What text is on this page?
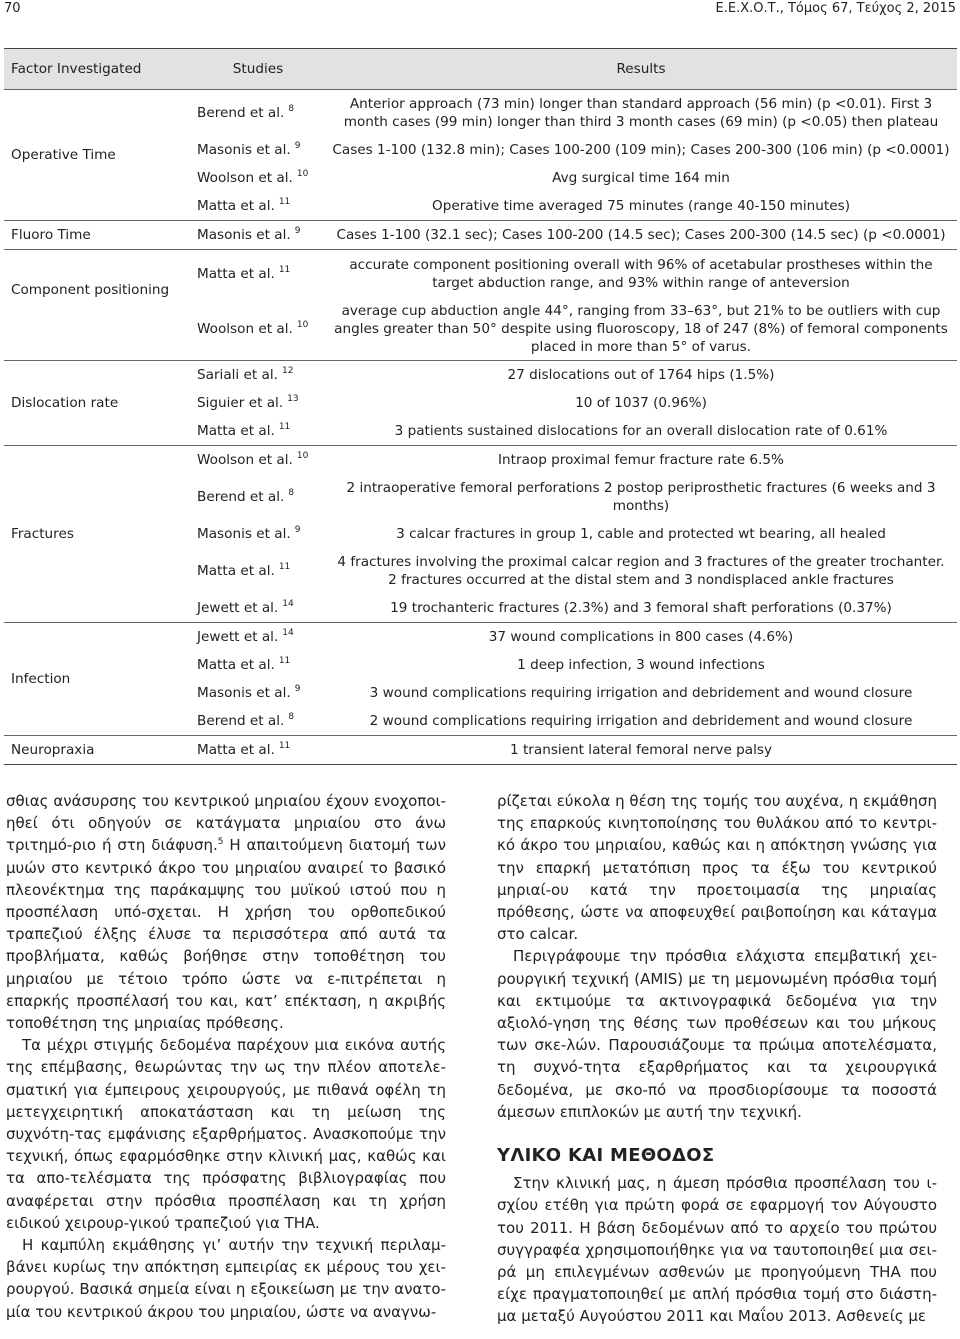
70	Ε.Ε.Χ.Ο.Τ., Τόμος 67, Τεύχος 2, 2015
Factor Investigated	Studies	Results
Operative Time	Berend et al. $^8$	Anterior approach (73 min) longer than standard approach (56 min) (p <0.01). First 3 month cases (99 min) longer than third 3 month cases (69 min) (p <0.05) then plateau
	Masonis et al. $^9$	Cases 1-100 (132.8 min); Cases 100-200 (109 min); Cases 200-300 (106 min) (p <0.0001)
	Woolson et al. $^{10}$	Avg surgical time 164 min
	Matta et al. $^{11}$	Operative time averaged 75 minutes (range 40-150 minutes)
Fluoro Time	Masonis et al. $^9$	Cases 1-100 (32.1 sec); Cases 100-200 (14.5 sec); Cases 200-300 (14.5 sec) (p <0.0001)
Component positioning	Matta et al. $^{11}$	accurate component positioning overall with 96% of acetabular prostheses within the target abduction range, and 93% within range of anteversion
	Woolson et al. $^{10}$	average cup abduction angle 44°, ranging from 33–63°, but 21% to be outliers with cup angles greater than 50° despite using fluoroscopy, 18 of 247 (8%) of femoral components placed in more than 5° of varus.
Dislocation rate	Sariali et al. $^{12}$	27 dislocations out of 1764 hips (1.5%)
	Siguier et al. $^{13}$	10 of 1037 (0.96%)
	Matta et al. $^{11}$	3 patients sustained dislocations for an overall dislocation rate of 0.61%
Fractures	Woolson et al. $^{10}$	Intraop proximal femur fracture rate 6.5%
	Berend et al. $^8$	2 intraoperative femoral perforations 2 postop periprosthetic fractures (6 weeks and 3 months)
	Masonis et al. $^9$	3 calcar fractures in group 1, cable and protected wt bearing, all healed
	Matta et al. $^{11}$	4 fractures involving the proximal calcar region and 3 fractures of the greater trochanter. 2 fractures occurred at the distal stem and 3 nondisplaced ankle fractures
	Jewett et al. $^{14}$	19 trochanteric fractures (2.3%) and 3 femoral shaft perforations (0.37%)
Infection	Jewett et al. $^{14}$	37 wound complications in 800 cases (4.6%)
	Matta et al. $^{11}$	1 deep infection, 3 wound infections
	Masonis et al. $^9$	3 wound complications requiring irrigation and debridement and wound closure
	Berend et al. $^8$	2 wound complications requiring irrigation and debridement and wound closure
Neuropraxia	Matta et al. $^{11}$	1 transient lateral femoral nerve palsy

σθιας ανάσυρσης του κεντρικού μηριαίου έχουν ενοχοποι-ηθεί ότι οδηγούν σε κατάγματα μηριαίου στο άνω τριτημό-ριο ή στη διάφυση.$^5$ Η απαιτούμενη διατομή των μυών στο κεντρικό άκρο του μηριαίου αναιρεί το βασικό πλεονέκτημα της παράκαμψης του μυϊκού ιστού που η προσπέλαση υπό-σχεται. Η χρήση του ορθοπεδικού τραπεζιού έλξης έλυσε τα περισσότερα από αυτά τα προβλήματα, καθώς βοήθησε στην τοποθέτηση του μηριαίου με τέτοιο τρόπο ώστε να ε-πιτρέπεται η επαρκής προσπέλασή του και, κατ’ επέκταση, η ακριβής τοποθέτηση της μηριαίας πρόθεσης.

Τα μέχρι στιγμής δεδομένα παρέχουν μια εικόνα αυτής της επέμβασης, θεωρώντας την ως την πλέον αποτελε-σματική για έμπειρους χειρουργούς, με πιθανά οφέλη τη μετεγχειρητική αποκατάσταση και τη μείωση της συχνότη-τας εμφάνισης εξαρθρήματος. Ανασκοπούμε την τεχνική, όπως εφαρμόσθηκε στην κλινική μας, καθώς και τα απο-τελέσματα της πρόσφατης βιβλιογραφίας που αναφέρεται στην πρόσθια προσπέλαση και τη χρήση ειδικού χειρουρ-γικού τραπεζιού για THA.

Η καμπύλη εκμάθησης γι’ αυτήν την τεχνική περιλαμ-βάνει κυρίως την απόκτηση εμπειρίας εκ μέρους του χει-ρουργού. Βασικά σημεία είναι η εξοικείωση με την ανατο-μία του κεντρικού άκρου του μηριαίου, ώστε να αναγνω-

ρίζεται εύκολα η θέση της τομής του αυχένα, η εκμάθηση της επαρκούς κινητοποίησης του θυλάκου από το κεντρι-κό άκρο του μηριαίου, καθώς και η απόκτηση γνώσης για την επαρκή μετατόπιση προς τα έξω του κεντρικού μηριαί-ου κατά την προετοιμασία της μηριαίας πρόθεσης, ώστε να αποφευχθεί ραιβοποίηση και κάταγμα στο calcar.

Περιγράφουμε την πρόσθια ελάχιστα επεμβατική χει-ρουργική τεχνική (AMIS) με τη μεμονωμένη πρόσθια τομή και εκτιμούμε τα ακτινογραφικά δεδομένα για την αξιολό-γηση της θέσης των προθέσεων και του μήκους των σκε-λών. Παρουσιάζουμε τα πρώιμα αποτελέσματα, τη συχνό-τητα εξαρθρήματος και τα χειρουργικά δεδομένα, με σκο-πό να προσδιορίσουμε τα ποσοστά άμεσων επιπλοκών με αυτή την τεχνική.

ΥΛΙΚΟ ΚΑΙ ΜΕΘΟΔΟΣ

Στην κλινική μας, η άμεση πρόσθια προσπέλαση του ι-σχίου ετέθη για πρώτη φορά σε εφαρμογή τον Αύγουστο του 2011. Η βάση δεδομένων από το αρχείο του πρώτου συγγραφέα χρησιμοποιήθηκε για να ταυτοποιηθεί μια σει-ρά μη επιλεγμένων ασθενών με προηγούμενη THA που είχε πραγματοποιηθεί με απλή πρόσθια τομή στο διάστη-μα μεταξύ Αυγούστου 2011 και Μαΐου 2013. Ασθενείς με
